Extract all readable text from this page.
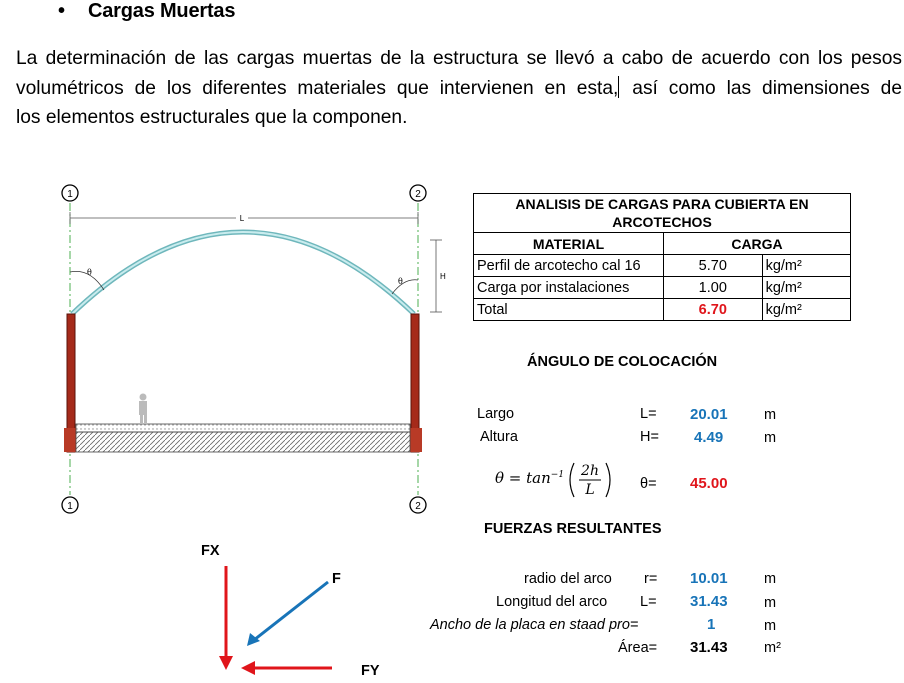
• Cargas Muertas
La determinación de las cargas muertas de la estructura se llevó a cabo de acuerdo con los pesos
volumétricos de los diferentes materiales que intervienen en esta, así como las dimensiones de
los elementos estructurales que la componen.
1	2
1	2
L
H
θ
θ
FX
F
FY
ANALISIS DE CARGAS PARA CUBIERTA EN ARCOTECHOS		
MATERIAL	CARGA	
Perfil de arcotecho cal 16	5.70	kg/m²
Carga por instalaciones	1.00	kg/m²
Total	6.70	kg/m²
ÁNGULO DE COLOCACIÓN
Largo	L= 20.01	m
Altura	H= 4.49	m
$\theta = \tan^{-1} 2h$
L	θ= 45.00
FUERZAS RESULTANTES
radio del arco r= 10.01	m
Longitud del arco L= 31.43	m
Ancho de la placa en staad pro=	1	m
Área= 31.43	m²
